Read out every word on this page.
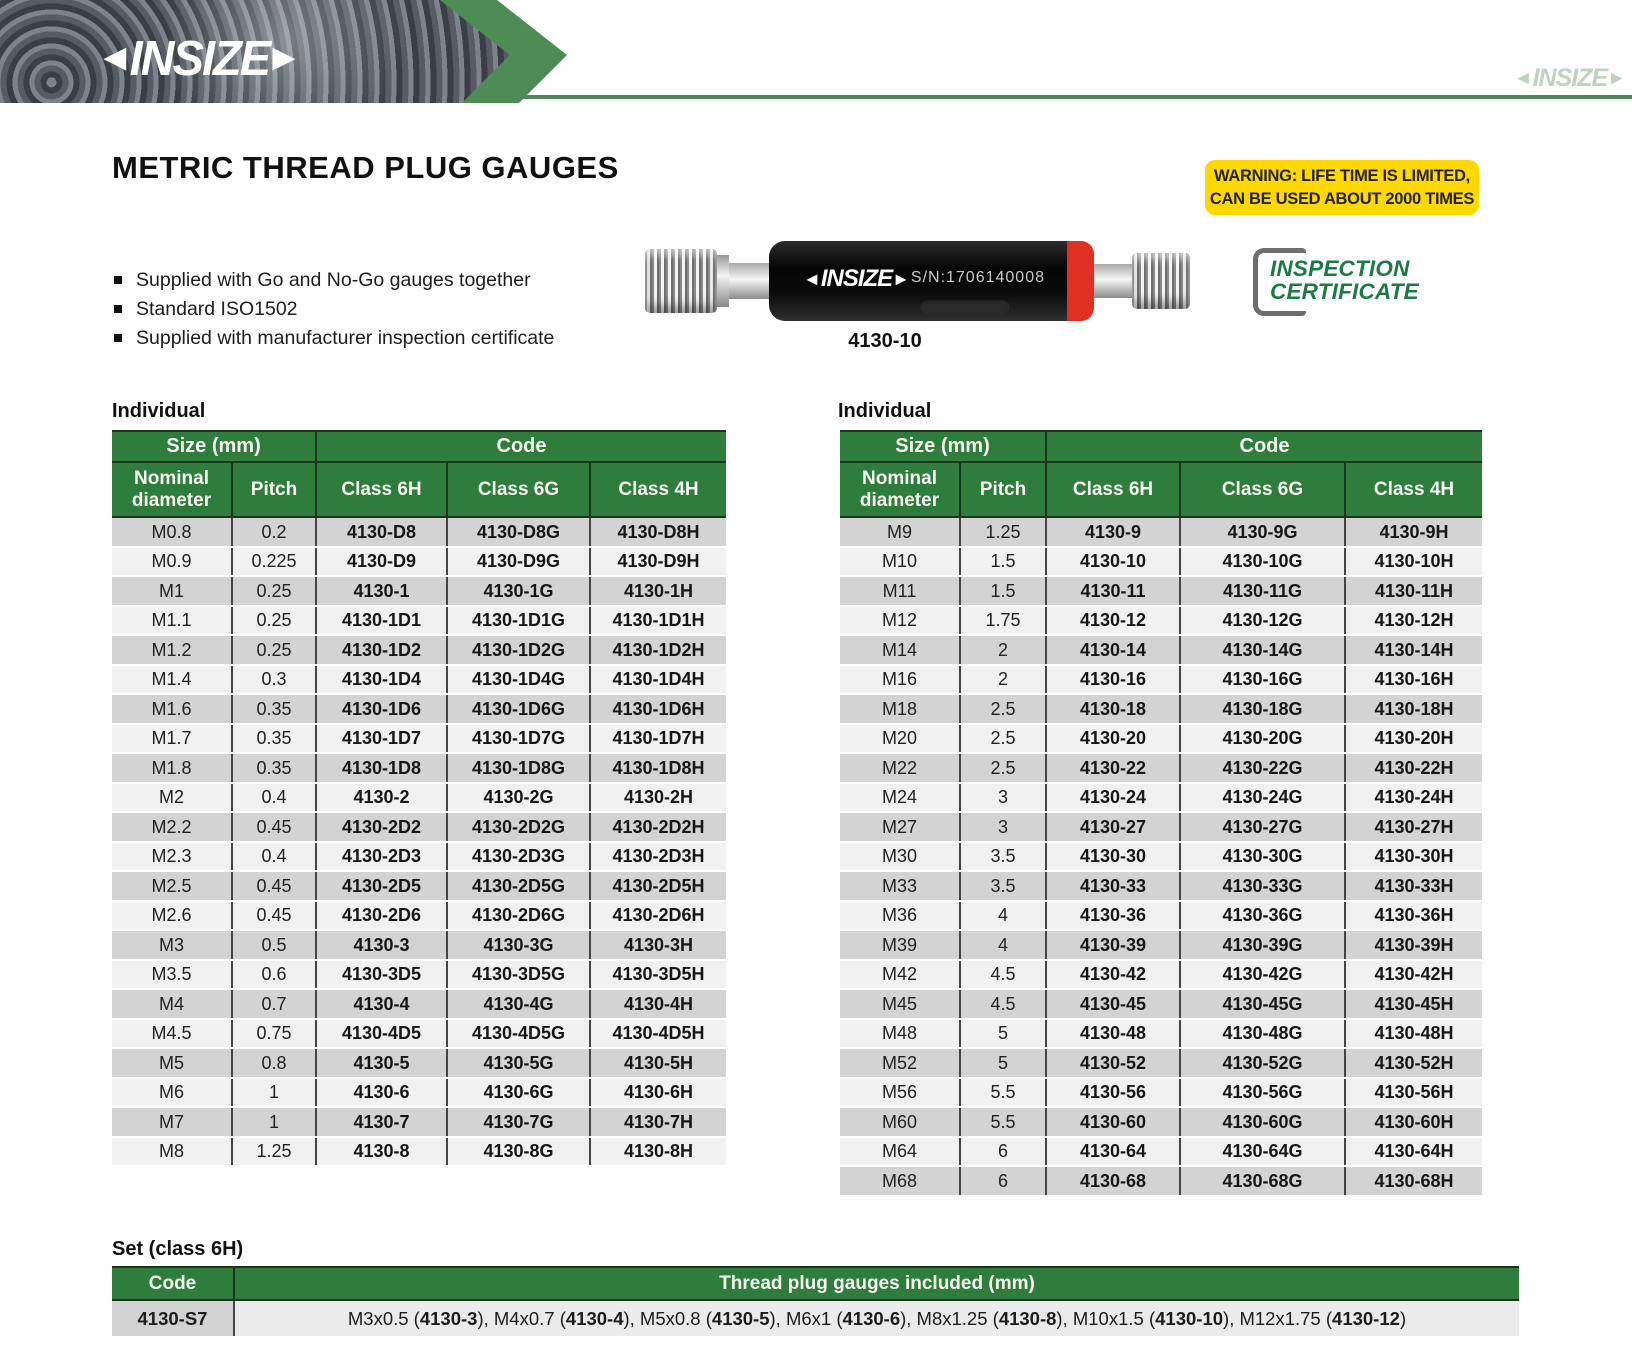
◄
INSIZE
►	◄ INSIZE ►
METRIC THREAD PLUG GAUGES	WARNING: LIFE TIME IS LIMITED,
CAN BE USED ABOUT 2000 TIMES
Supplied with Go and No-Go gauges together
Standard ISO1502
Supplied with manufacturer inspection certificate
◄ INSIZE ► S/N:1706140008
4130-10
INSPECTION
CERTIFICATE
Individual	Individual
Set (class 6H)
Size (mm)		Code		
Nominal diameter	Pitch	Class 6H	Class 6G	Class 4H
M0.8	0.2	4130-D8	4130-D8G	4130-D8H
M0.9	0.225	4130-D9	4130-D9G	4130-D9H
M1	0.25	4130-1	4130-1G	4130-1H
M1.1	0.25	4130-1D1	4130-1D1G	4130-1D1H
M1.2	0.25	4130-1D2	4130-1D2G	4130-1D2H
M1.4	0.3	4130-1D4	4130-1D4G	4130-1D4H
M1.6	0.35	4130-1D6	4130-1D6G	4130-1D6H
M1.7	0.35	4130-1D7	4130-1D7G	4130-1D7H
M1.8	0.35	4130-1D8	4130-1D8G	4130-1D8H
M2	0.4	4130-2	4130-2G	4130-2H
M2.2	0.45	4130-2D2	4130-2D2G	4130-2D2H
M2.3	0.4	4130-2D3	4130-2D3G	4130-2D3H
M2.5	0.45	4130-2D5	4130-2D5G	4130-2D5H
M2.6	0.45	4130-2D6	4130-2D6G	4130-2D6H
M3	0.5	4130-3	4130-3G	4130-3H
M3.5	0.6	4130-3D5	4130-3D5G	4130-3D5H
M4	0.7	4130-4	4130-4G	4130-4H
M4.5	0.75	4130-4D5	4130-4D5G	4130-4D5H
M5	0.8	4130-5	4130-5G	4130-5H
M6	1	4130-6	4130-6G	4130-6H
M7	1	4130-7	4130-7G	4130-7H
M8	1.25	4130-8	4130-8G	4130-8H
Size (mm)		Code		
Nominal diameter	Pitch	Class 6H	Class 6G	Class 4H
M9	1.25	4130-9	4130-9G	4130-9H
M10	1.5	4130-10	4130-10G	4130-10H
M11	1.5	4130-11	4130-11G	4130-11H
M12	1.75	4130-12	4130-12G	4130-12H
M14	2	4130-14	4130-14G	4130-14H
M16	2	4130-16	4130-16G	4130-16H
M18	2.5	4130-18	4130-18G	4130-18H
M20	2.5	4130-20	4130-20G	4130-20H
M22	2.5	4130-22	4130-22G	4130-22H
M24	3	4130-24	4130-24G	4130-24H
M27	3	4130-27	4130-27G	4130-27H
M30	3.5	4130-30	4130-30G	4130-30H
M33	3.5	4130-33	4130-33G	4130-33H
M36	4	4130-36	4130-36G	4130-36H
M39	4	4130-39	4130-39G	4130-39H
M42	4.5	4130-42	4130-42G	4130-42H
M45	4.5	4130-45	4130-45G	4130-45H
M48	5	4130-48	4130-48G	4130-48H
M52	5	4130-52	4130-52G	4130-52H
M56	5.5	4130-56	4130-56G	4130-56H
M60	5.5	4130-60	4130-60G	4130-60H
M64	6	4130-64	4130-64G	4130-64H
M68	6	4130-68	4130-68G	4130-68H
Code	Thread plug gauges included (mm)
4130-S7	M3x0.5 (4130-3), M4x0.7 (4130-4), M5x0.8 (4130-5), M6x1 (4130-6), M8x1.25 (4130-8), M10x1.5 (4130-10), M12x1.75 (4130-12)
